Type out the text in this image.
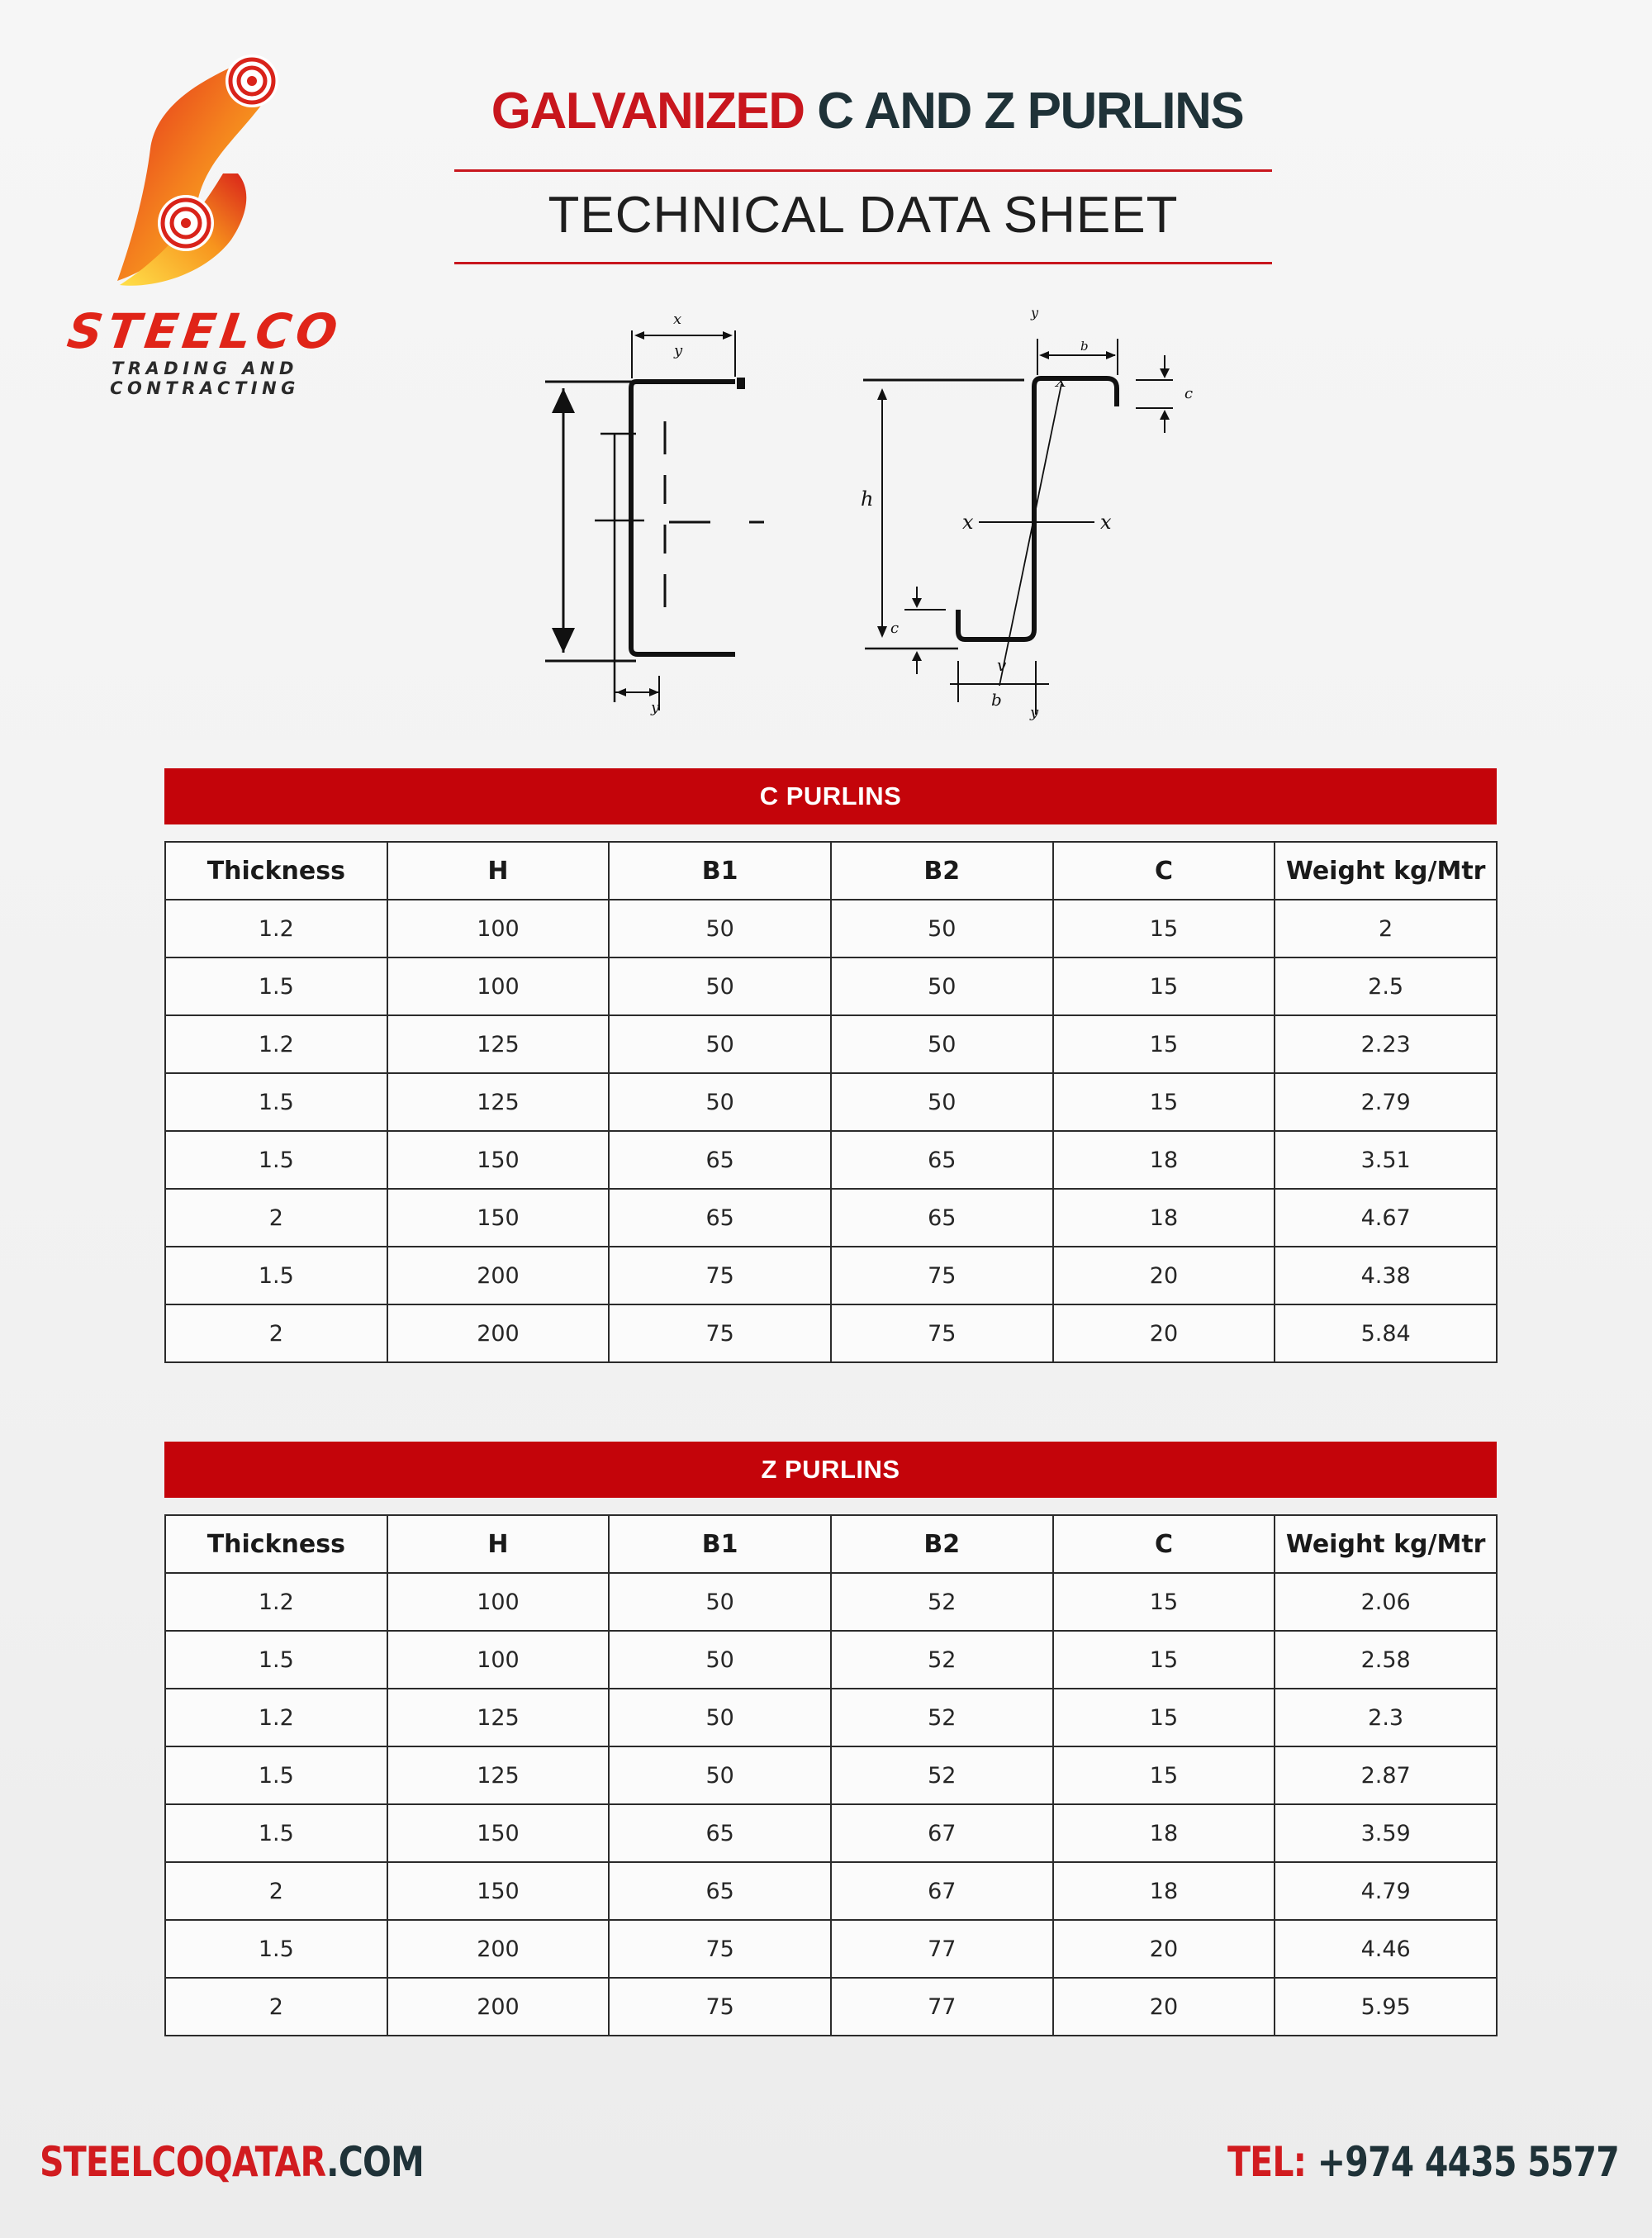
STEELCO
TRADING AND CONTRACTING
GALVANIZED C AND Z PURLINS
TECHNICAL DATA SHEET
x
y
y
h
x	x
X
v
y
b
c
c
b
y
C PURLINS
Thickness	H	B1	B2	C	Weight kg/Mtr
1.2	100	50	50	15	2
1.5	100	50	50	15	2.5
1.2	125	50	50	15	2.23
1.5	125	50	50	15	2.79
1.5	150	65	65	18	3.51
2	150	65	65	18	4.67
1.5	200	75	75	20	4.38
2	200	75	75	20	5.84
Z PURLINS
Thickness	H	B1	B2	C	Weight kg/Mtr
1.2	100	50	52	15	2.06
1.5	100	50	52	15	2.58
1.2	125	50	52	15	2.3
1.5	125	50	52	15	2.87
1.5	150	65	67	18	3.59
2	150	65	67	18	4.79
1.5	200	75	77	20	4.46
2	200	75	77	20	5.95
STEELCOQATAR.COM	TEL: +974 4435 5577
